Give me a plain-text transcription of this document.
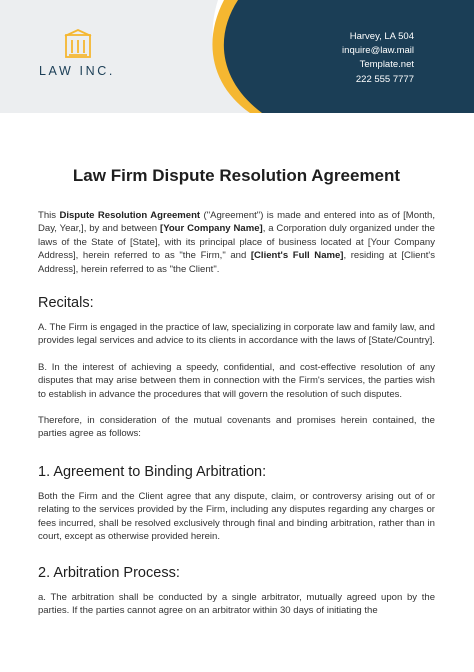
LAW INC.
Harvey, LA 504
inquire@law.mail
Template.net
222 555 7777
Law Firm Dispute Resolution Agreement

This Dispute Resolution Agreement ("Agreement") is made and entered into as of [Month, Day, Year,], by and between [Your Company Name], a Corporation duly organized under the laws of the State of [State], with its principal place of business located at [Your Company Address], herein referred to as "the Firm," and [Client's Full Name], residing at [Client's Address], herein referred to as "the Client".

Recitals:

A. The Firm is engaged in the practice of law, specializing in corporate law and family law, and provides legal services and advice to its clients in accordance with the laws of [State/Country].

B. In the interest of achieving a speedy, confidential, and cost-effective resolution of any disputes that may arise between them in connection with the Firm's services, the parties wish to establish in advance the procedures that will govern the resolution of such disputes.

Therefore, in consideration of the mutual covenants and promises herein contained, the parties agree as follows:

1. Agreement to Binding Arbitration:

Both the Firm and the Client agree that any dispute, claim, or controversy arising out of or relating to the services provided by the Firm, including any disputes regarding any charges or fees incurred, shall be resolved exclusively through final and binding arbitration, rather than in court, except as otherwise provided herein.

2. Arbitration Process:

a. The arbitration shall be conducted by a single arbitrator, mutually agreed upon by the parties. If the parties cannot agree on an arbitrator within 30 days of initiating the
